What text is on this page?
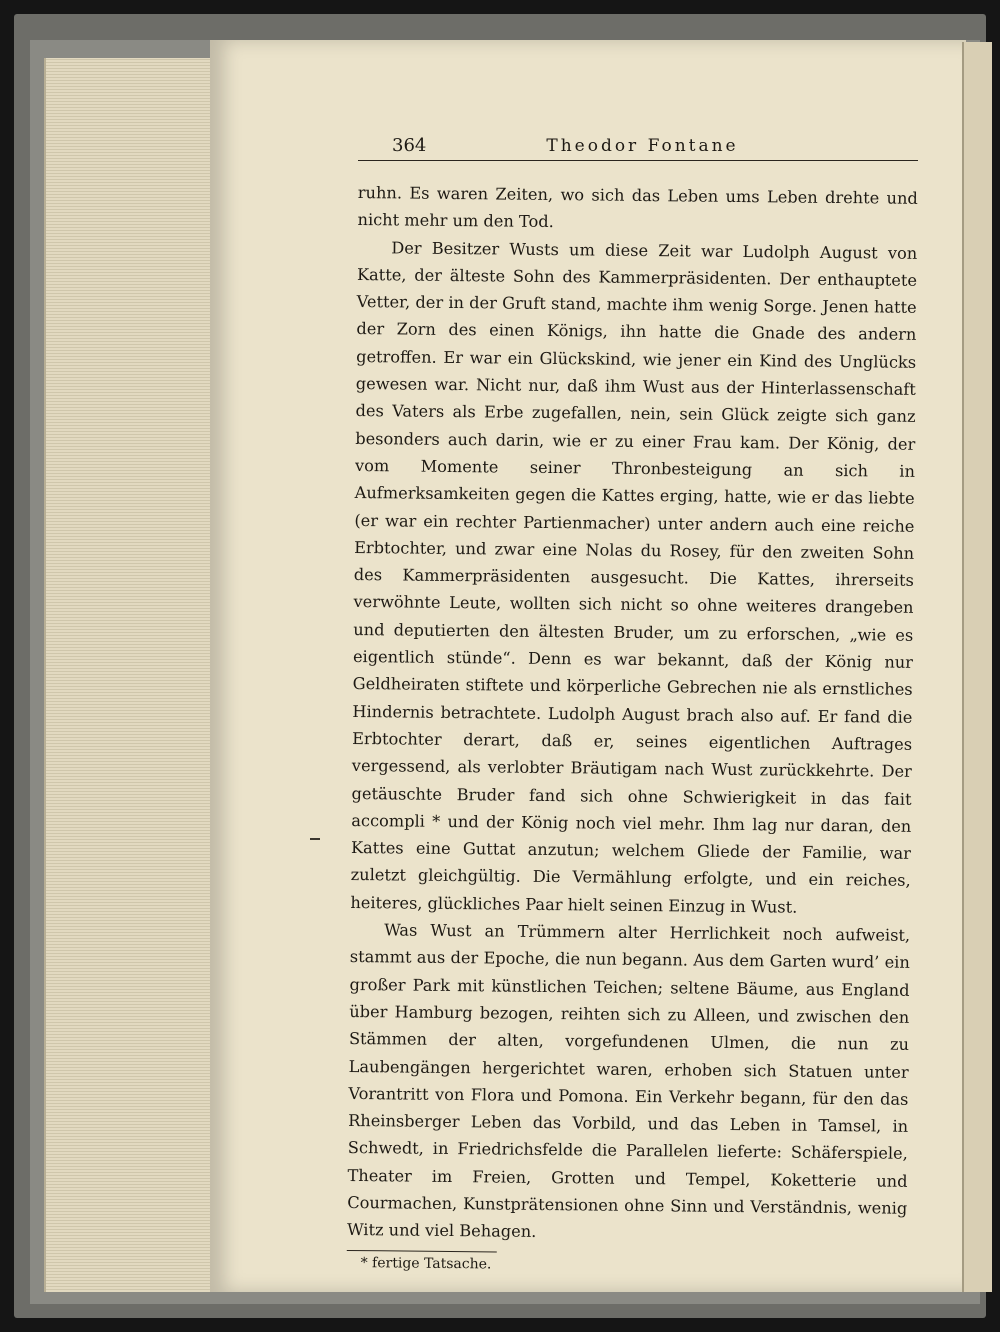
364	Theodor Fontane

ruhn. Es waren Zeiten, wo sich das Leben ums Leben drehte und nicht mehr um den Tod.

Der Besitzer Wusts um diese Zeit war Ludolph August von Katte, der älteste Sohn des Kammerpräsidenten. Der enthauptete Vetter, der in der Gruft stand, machte ihm wenig Sorge. Jenen hatte der Zorn des einen Königs, ihn hatte die Gnade des andern getroffen. Er war ein Glückskind, wie jener ein Kind des Unglücks gewesen war. Nicht nur, daß ihm Wust aus der Hinterlassenschaft des Vaters als Erbe zugefallen, nein, sein Glück zeigte sich ganz besonders auch darin, wie er zu einer Frau kam. Der König, der vom Momente seiner Thronbesteigung an sich in Aufmerksamkeiten gegen die Kattes erging, hatte, wie er das liebte (er war ein rechter Partienmacher) unter andern auch eine reiche Erbtochter, und zwar eine Nolas du Rosey, für den zweiten Sohn des Kammerpräsidenten ausgesucht. Die Kattes, ihrerseits verwöhnte Leute, wollten sich nicht so ohne weiteres drangeben und deputierten den ältesten Bruder, um zu erforschen, „wie es eigentlich stünde“. Denn es war bekannt, daß der König nur Geldheiraten stiftete und körperliche Gebrechen nie als ernstliches Hindernis betrachtete. Ludolph August brach also auf. Er fand die Erbtochter derart, daß er, seines eigentlichen Auftrages vergessend, als verlobter Bräutigam nach Wust zurückkehrte. Der getäuschte Bruder fand sich ohne Schwierigkeit in das fait accompli * und der König noch viel mehr. Ihm lag nur daran, den Kattes eine Guttat anzutun; welchem Gliede der Familie, war zuletzt gleichgültig. Die Vermählung erfolgte, und ein reiches, heiteres, glückliches Paar hielt seinen Einzug in Wust.

Was Wust an Trümmern alter Herrlichkeit noch aufweist, stammt aus der Epoche, die nun begann. Aus dem Garten wurd’ ein großer Park mit künstlichen Teichen; seltene Bäume, aus England über Hamburg bezogen, reihten sich zu Alleen, und zwischen den Stämmen der alten, vorgefundenen Ulmen, die nun zu Laubengängen hergerichtet waren, erhoben sich Statuen unter Vorantritt von Flora und Pomona. Ein Verkehr begann, für den das Rheinsberger Leben das Vorbild, und das Leben in Tamsel, in Schwedt, in Friedrichsfelde die Parallelen lieferte: Schäferspiele, Theater im Freien, Grotten und Tempel, Koketterie und Courmachen, Kunstprätensionen ohne Sinn und Verständnis, wenig Witz und viel Behagen.

* fertige Tatsache.
